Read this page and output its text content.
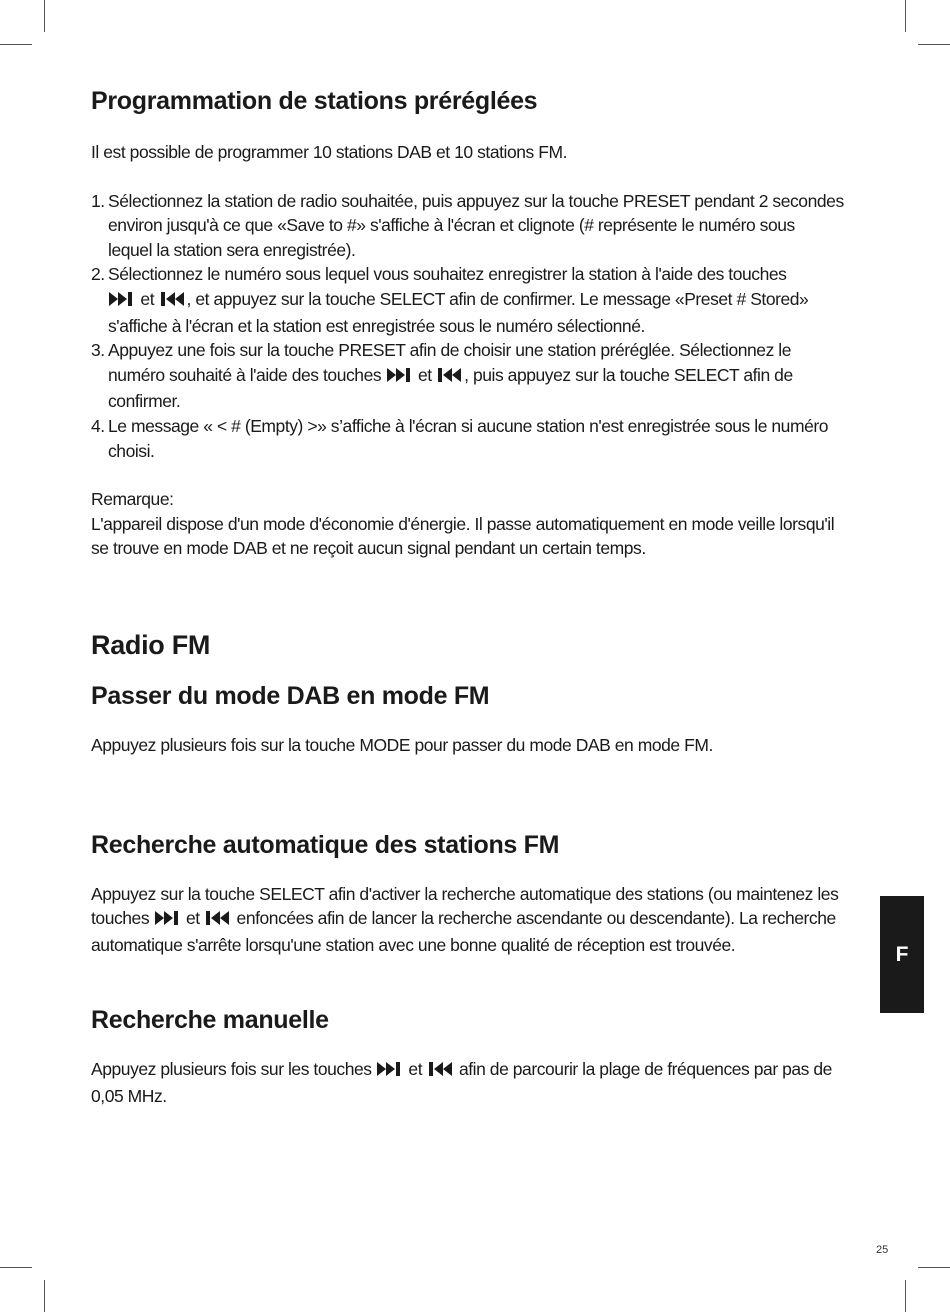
Programmation de stations préréglées

Il est possible de programmer 10 stations DAB et 10 stations FM.

1. Sélectionnez la station de radio souhaitée, puis appuyez sur la touche PRESET pendant 2 secondes
environ jusqu'à ce que «Save to #» s'affiche à l'écran et clignote (# représente le numéro sous
lequel la station sera enregistrée).
2. Sélectionnez le numéro sous lequel vous souhaitez enregistrer la station à l'aide des touches
et , et appuyez sur la touche SELECT afin de confirmer. Le message «Preset # Stored»
s'affiche à l'écran et la station est enregistrée sous le numéro sélectionné.
3. Appuyez une fois sur la touche PRESET afin de choisir une station préréglée. Sélectionnez le
numéro souhaité à l'aide des touches et , puis appuyez sur la touche SELECT afin de
confirmer.
4. Le message « < # (Empty) >» s’affiche à l'écran si aucune station n'est enregistrée sous le numéro
choisi.

Remarque:

L'appareil dispose d'un mode d'économie d'énergie. Il passe automatiquement en mode veille lorsqu'il

se trouve en mode DAB et ne reçoit aucun signal pendant un certain temps.

Radio FM
Passer du mode DAB en mode FM

Appuyez plusieurs fois sur la touche MODE pour passer du mode DAB en mode FM.

Recherche automatique des stations FM

Appuyez sur la touche SELECT afin d'activer la recherche automatique des stations (ou maintenez les

touches et enfoncées afin de lancer la recherche ascendante ou descendante). La recherche

automatique s'arrête lorsqu'une station avec une bonne qualité de réception est trouvée.

Recherche manuelle
Appuyez plusieurs fois sur les touches et afin de parcourir la plage de fréquences par pas de

0,05 MHz.

F
25
